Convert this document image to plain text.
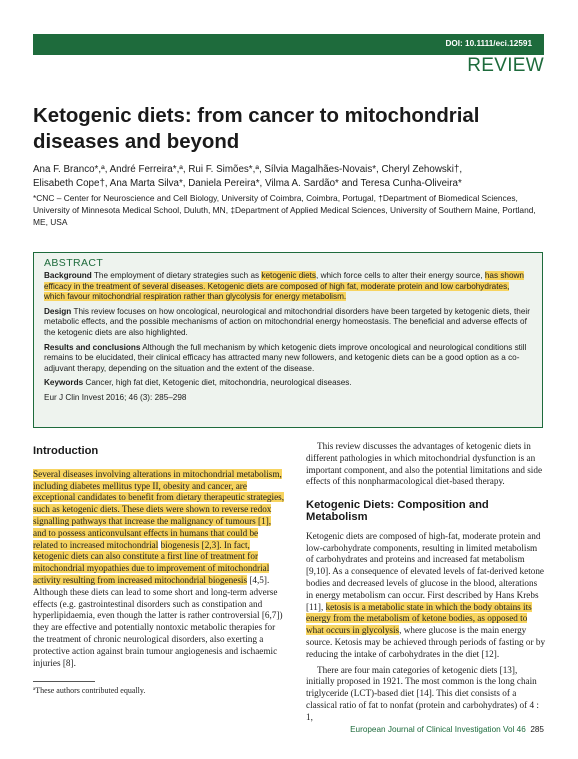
DOI: 10.1111/eci.12591
REVIEW
Ketogenic diets: from cancer to mitochondrial diseases and beyond
Ana F. Branco*,ª, André Ferreira*,ª, Rui F. Simões*,ª, Sílvia Magalhães-Novais*, Cheryl Zehowski†,
Elisabeth Cope†, Ana Marta Silva*, Daniela Pereira*, Vilma A. Sardão* and Teresa Cunha-Oliveira*
*CNC – Center for Neuroscience and Cell Biology, University of Coimbra, Coimbra, Portugal, †Department of Biomedical Sciences, University of Minnesota Medical School, Duluth, MN, ‡Department of Applied Medical Sciences, University of Southern Maine, Portland, ME, USA
ABSTRACT

Background The employment of dietary strategies such as ketogenic diets, which force cells to alter their energy source, has shown efficacy in the treatment of several diseases. Ketogenic diets are composed of high fat, moderate protein and low carbohydrates, which favour mitochondrial respiration rather than glycolysis for energy metabolism.

Design This review focuses on how oncological, neurological and mitochondrial disorders have been targeted by ketogenic diets, their metabolic effects, and the possible mechanisms of action on mitochondrial energy homeostasis. The beneficial and adverse effects of the ketogenic diets are also highlighted.

Results and conclusions Although the full mechanism by which ketogenic diets improve oncological and neurological conditions still remains to be elucidated, their clinical efficacy has attracted many new followers, and ketogenic diets can be a good option as a co-adjuvant therapy, depending on the situation and the extent of the disease.

Keywords Cancer, high fat diet, Ketogenic diet, mitochondria, neurological diseases.

Eur J Clin Invest 2016; 46 (3): 285–298

Introduction

Several diseases involving alterations in mitochondrial metabolism, including diabetes mellitus type II, obesity and cancer, are exceptional candidates to benefit from dietary therapeutic strategies, such as ketogenic diets. These diets were shown to reverse redox signalling pathways that increase the malignancy of tumours [1], and to possess anticonvulsant effects in humans that could be related to increased mitochondrial biogenesis [2,3]. In fact, ketogenic diets can also constitute a first line of treatment for mitochondrial myopathies due to improvement of mitochondrial activity resulting from increased mitochondrial biogenesis [4,5]. Although these diets can lead to some short and long-term adverse effects (e.g. gastrointestinal disorders such as constipation and hyperlipidaemia, even though the latter is rather controversial [6,7]) they are effective and potentially nontoxic metabolic therapies for the treatment of chronic neurological disorders, also exerting a protective action against brain tumour angiogenesis and ischaemic injuries [8].

This review discusses the advantages of ketogenic diets in different pathologies in which mitochondrial dysfunction is an important component, and also the potential limitations and side effects of this nonpharmacological diet-based therapy.

Ketogenic Diets: Composition and Metabolism

Ketogenic diets are composed of high-fat, moderate protein and low-carbohydrate components, resulting in limited metabolism of carbohydrates and proteins and increased fat metabolism [9,10]. As a consequence of elevated levels of fat-derived ketone bodies and decreased levels of glucose in the blood, alterations in energy metabolism can occur. First described by Hans Krebs [11], ketosis is a metabolic state in which the body obtains its energy from the metabolism of ketone bodies, as opposed to what occurs in glycolysis, where glucose is the main energy source. Ketosis may be achieved through periods of fasting or by reducing the intake of carbohydrates in the diet [12].

There are four main categories of ketogenic diets [13], initially proposed in 1921. The most common is the long chain triglyceride (LCT)-based diet [14]. This diet consists of a classical ratio of fat to nonfat (protein and carbohydrates) of 4 : 1,

ªThese authors contributed equally.
European Journal of Clinical Investigation Vol 46 285
